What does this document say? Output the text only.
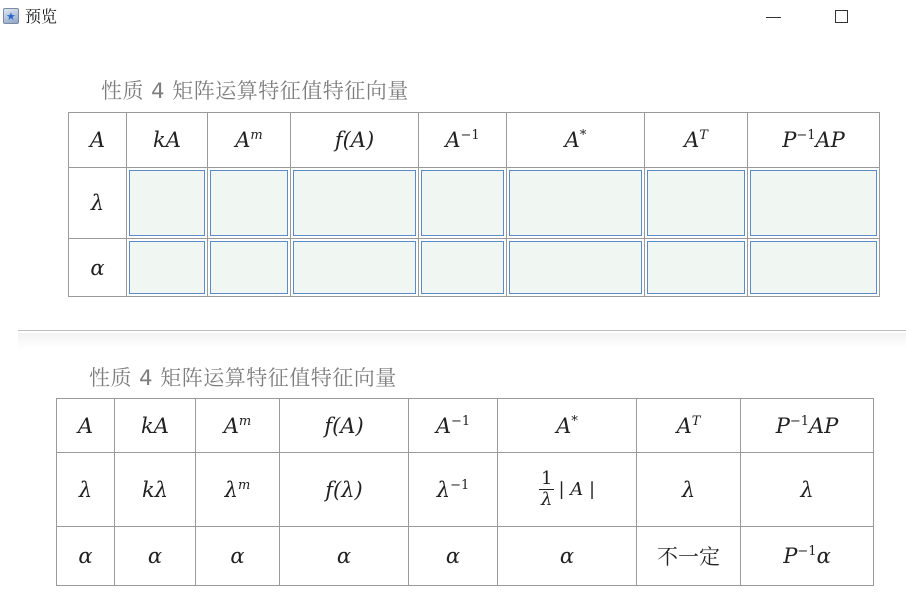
★
预览
性质 4 矩阵运算特征值特征向量
A	kA	$A^m$	f(A)	$A^{-1}$	A*	$A^T$	$P^{-1}AP$
λ	

α	

性质 4 矩阵运算特征值特征向量
A	kA	$A^m$	f(A)	$A^{-1}$	A*	$A^T$	$P^{-1}AP$
λ	kλ	$\lambda^m$	f(λ)	$\lambda^{-1}$	$\frac{1}{\lambda}$ | A |	λ	λ
α	α	α	α	α	α	不一定	$P^{-1}\alpha$
